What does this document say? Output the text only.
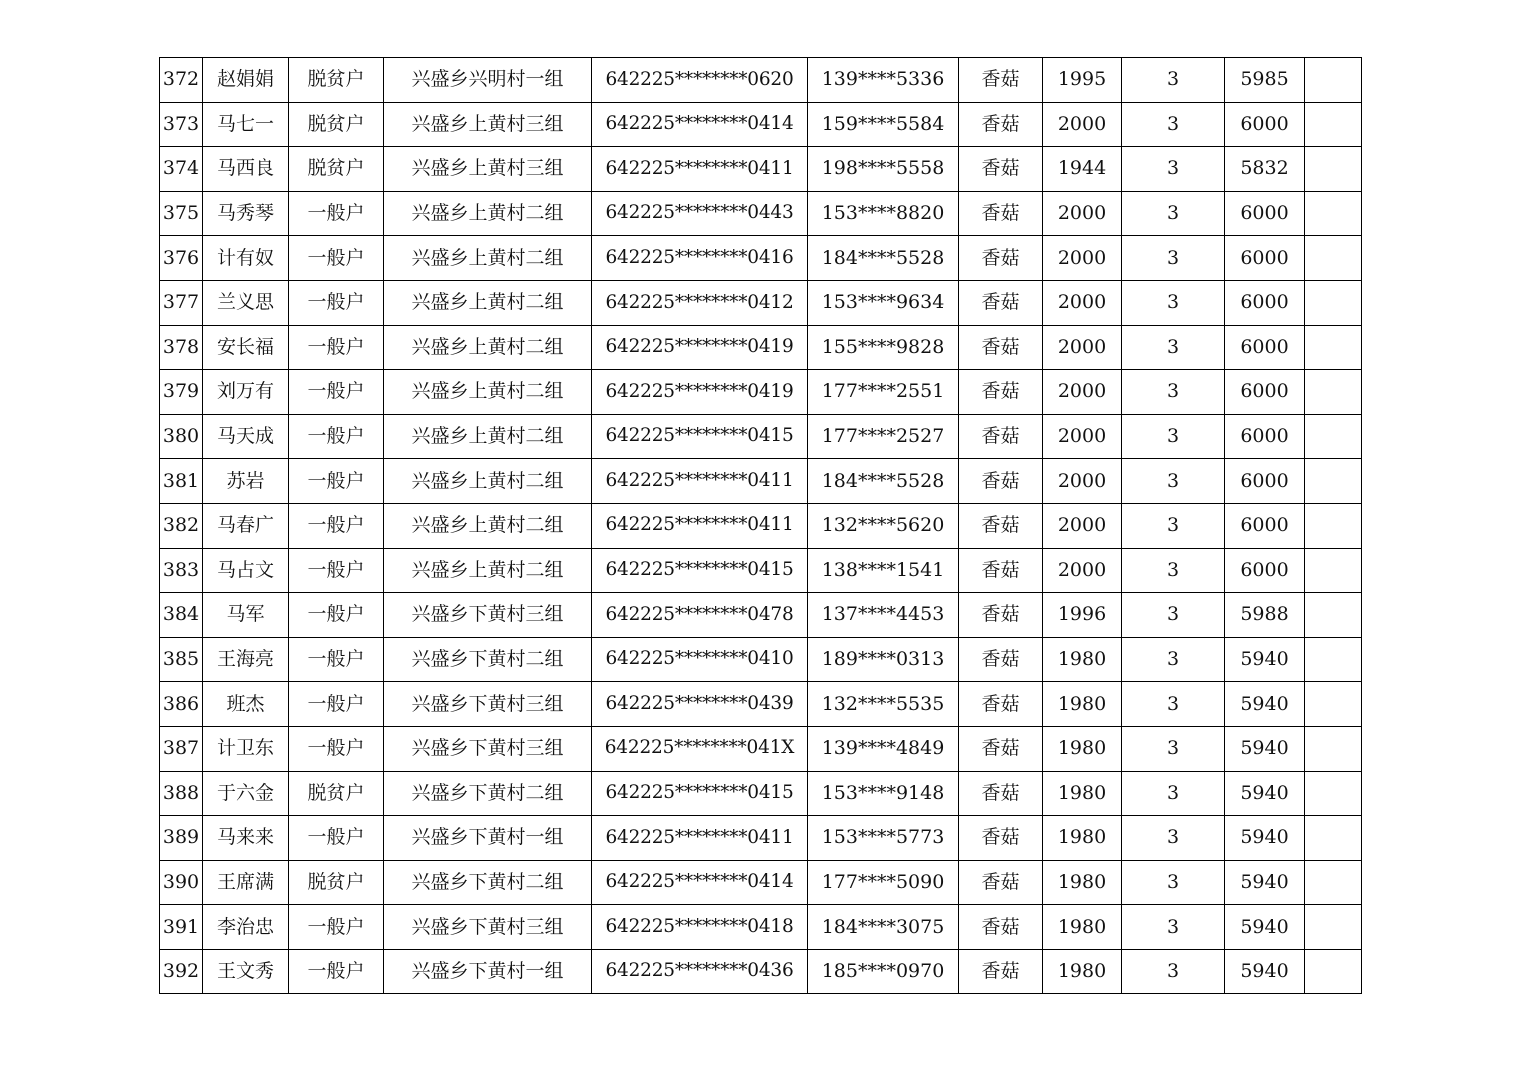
372	赵娟娟	脱贫户	兴盛乡兴明村一组	642225********0620	139****5336	香菇	1995	3	5985	
373	马七一	脱贫户	兴盛乡上黄村三组	642225********0414	159****5584	香菇	2000	3	6000	
374	马西良	脱贫户	兴盛乡上黄村三组	642225********0411	198****5558	香菇	1944	3	5832	
375	马秀琴	一般户	兴盛乡上黄村二组	642225********0443	153****8820	香菇	2000	3	6000	
376	计有奴	一般户	兴盛乡上黄村二组	642225********0416	184****5528	香菇	2000	3	6000	
377	兰义思	一般户	兴盛乡上黄村二组	642225********0412	153****9634	香菇	2000	3	6000	
378	安长福	一般户	兴盛乡上黄村二组	642225********0419	155****9828	香菇	2000	3	6000	
379	刘万有	一般户	兴盛乡上黄村二组	642225********0419	177****2551	香菇	2000	3	6000	
380	马天成	一般户	兴盛乡上黄村二组	642225********0415	177****2527	香菇	2000	3	6000	
381	苏岩	一般户	兴盛乡上黄村二组	642225********0411	184****5528	香菇	2000	3	6000	
382	马春广	一般户	兴盛乡上黄村二组	642225********0411	132****5620	香菇	2000	3	6000	
383	马占文	一般户	兴盛乡上黄村二组	642225********0415	138****1541	香菇	2000	3	6000	
384	马军	一般户	兴盛乡下黄村三组	642225********0478	137****4453	香菇	1996	3	5988	
385	王海亮	一般户	兴盛乡下黄村二组	642225********0410	189****0313	香菇	1980	3	5940	
386	班杰	一般户	兴盛乡下黄村三组	642225********0439	132****5535	香菇	1980	3	5940	
387	计卫东	一般户	兴盛乡下黄村三组	642225********041X	139****4849	香菇	1980	3	5940	
388	于六金	脱贫户	兴盛乡下黄村二组	642225********0415	153****9148	香菇	1980	3	5940	
389	马来来	一般户	兴盛乡下黄村一组	642225********0411	153****5773	香菇	1980	3	5940	
390	王席满	脱贫户	兴盛乡下黄村二组	642225********0414	177****5090	香菇	1980	3	5940	
391	李治忠	一般户	兴盛乡下黄村三组	642225********0418	184****3075	香菇	1980	3	5940	
392	王文秀	一般户	兴盛乡下黄村一组	642225********0436	185****0970	香菇	1980	3	5940	
